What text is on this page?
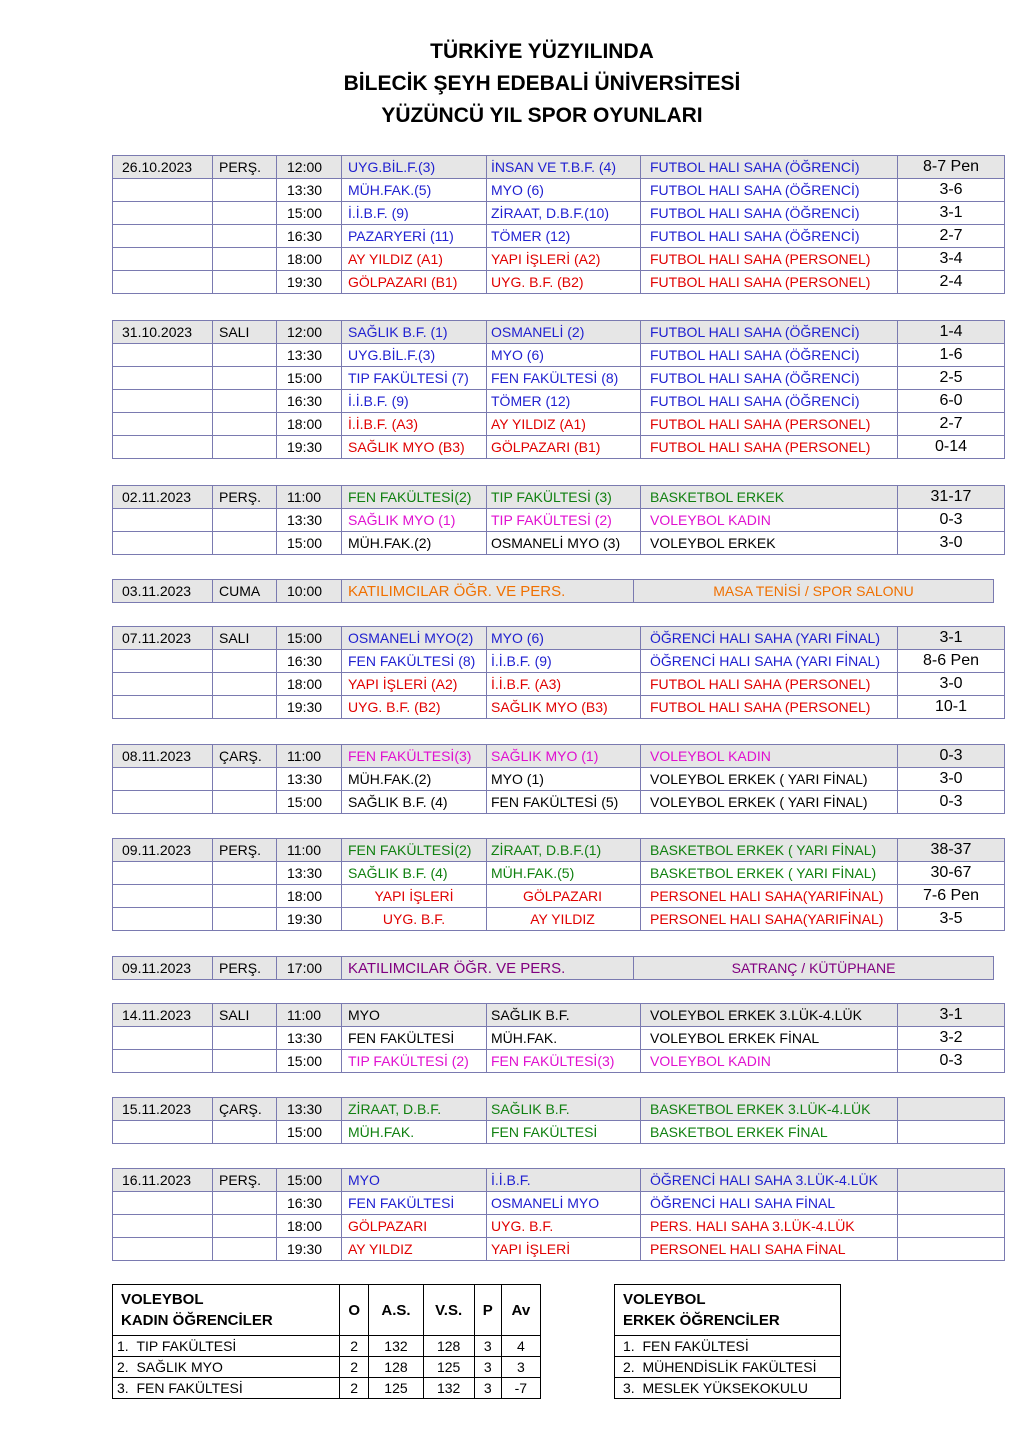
TÜRKİYE YÜZYILINDA
BİLECİK ŞEYH EDEBALİ ÜNİVERSİTESİ
YÜZÜNCÜ YIL SPOR OYUNLARI
26.10.2023	PERŞ.	12:00	UYG.BİL.F.(3)	İNSAN VE T.B.F. (4)	FUTBOL HALI SAHA (ÖĞRENCİ)	8-7 Pen
		13:30	MÜH.FAK.(5)	MYO (6)	FUTBOL HALI SAHA (ÖĞRENCİ)	3-6
		15:00	İ.İ.B.F. (9)	ZİRAAT, D.B.F.(10)	FUTBOL HALI SAHA (ÖĞRENCİ)	3-1
		16:30	PAZARYERİ (11)	TÖMER (12)	FUTBOL HALI SAHA (ÖĞRENCİ)	2-7
		18:00	AY YILDIZ (A1)	YAPI İŞLERİ (A2)	FUTBOL HALI SAHA (PERSONEL)	3-4
		19:30	GÖLPAZARI (B1)	UYG. B.F. (B2)	FUTBOL HALI SAHA (PERSONEL)	2-4
31.10.2023	SALI	12:00	SAĞLIK B.F. (1)	OSMANELİ (2)	FUTBOL HALI SAHA (ÖĞRENCİ)	1-4
		13:30	UYG.BİL.F.(3)	MYO (6)	FUTBOL HALI SAHA (ÖĞRENCİ)	1-6
		15:00	TIP FAKÜLTESİ (7)	FEN FAKÜLTESİ (8)	FUTBOL HALI SAHA (ÖĞRENCİ)	2-5
		16:30	İ.İ.B.F. (9)	TÖMER (12)	FUTBOL HALI SAHA (ÖĞRENCİ)	6-0
		18:00	İ.İ.B.F. (A3)	AY YILDIZ (A1)	FUTBOL HALI SAHA (PERSONEL)	2-7
		19:30	SAĞLIK MYO (B3)	GÖLPAZARI (B1)	FUTBOL HALI SAHA (PERSONEL)	0-14
02.11.2023	PERŞ.	11:00	FEN FAKÜLTESİ(2)	TIP FAKÜLTESİ (3)	BASKETBOL ERKEK	31-17
		13:30	SAĞLIK MYO (1)	TIP FAKÜLTESİ (2)	VOLEYBOL KADIN	0-3
		15:00	MÜH.FAK.(2)	OSMANELİ MYO (3)	VOLEYBOL ERKEK	3-0
03.11.2023	CUMA	10:00	KATILIMCILAR ÖĞR. VE PERS.	MASA TENİSİ / SPOR SALONU
07.11.2023	SALI	15:00	OSMANELİ MYO(2)	MYO (6)	ÖĞRENCİ HALI SAHA (YARI FİNAL)	3-1
		16:30	FEN FAKÜLTESİ (8)	İ.İ.B.F. (9)	ÖĞRENCİ HALI SAHA (YARI FİNAL)	8-6 Pen
		18:00	YAPI İŞLERİ (A2)	İ.İ.B.F. (A3)	FUTBOL HALI SAHA (PERSONEL)	3-0
		19:30	UYG. B.F. (B2)	SAĞLIK MYO (B3)	FUTBOL HALI SAHA (PERSONEL)	10-1
08.11.2023	ÇARŞ.	11:00	FEN FAKÜLTESİ(3)	SAĞLIK MYO (1)	VOLEYBOL KADIN	0-3
		13:30	MÜH.FAK.(2)	MYO (1)	VOLEYBOL ERKEK ( YARI FİNAL)	3-0
		15:00	SAĞLIK B.F. (4)	FEN FAKÜLTESİ (5)	VOLEYBOL ERKEK ( YARI FİNAL)	0-3
09.11.2023	PERŞ.	11:00	FEN FAKÜLTESİ(2)	ZİRAAT, D.B.F.(1)	BASKETBOL ERKEK ( YARI FİNAL)	38-37
		13:30	SAĞLIK B.F. (4)	MÜH.FAK.(5)	BASKETBOL ERKEK ( YARI FİNAL)	30-67
		18:00	YAPI İŞLERİ	GÖLPAZARI	PERSONEL HALI SAHA(YARIFİNAL)	7-6 Pen
		19:30	UYG. B.F.	AY YILDIZ	PERSONEL HALI SAHA(YARIFİNAL)	3-5
09.11.2023	PERŞ.	17:00	KATILIMCILAR ÖĞR. VE PERS.	SATRANÇ / KÜTÜPHANE
14.11.2023	SALI	11:00	MYO	SAĞLIK B.F.	VOLEYBOL ERKEK 3.LÜK-4.LÜK	3-1
		13:30	FEN FAKÜLTESİ	MÜH.FAK.	VOLEYBOL ERKEK FİNAL	3-2
		15:00	TIP FAKÜLTESİ (2)	FEN FAKÜLTESİ(3)	VOLEYBOL KADIN	0-3
15.11.2023	ÇARŞ.	13:30	ZİRAAT, D.B.F.	SAĞLIK B.F.	BASKETBOL ERKEK 3.LÜK-4.LÜK	
		15:00	MÜH.FAK.	FEN FAKÜLTESİ	BASKETBOL ERKEK FİNAL	
16.11.2023	PERŞ.	15:00	MYO	İ.İ.B.F.	ÖĞRENCİ HALI SAHA 3.LÜK-4.LÜK	
		16:30	FEN FAKÜLTESİ	OSMANELİ MYO	ÖĞRENCİ HALI SAHA FİNAL	
		18:00	GÖLPAZARI	UYG. B.F.	PERS. HALI SAHA 3.LÜK-4.LÜK	
		19:30	AY YILDIZ	YAPI İŞLERİ	PERSONEL HALI SAHA FİNAL	
VOLEYBOL
KADIN ÖĞRENCİLER	O	A.S.	V.S.	P	Av
1. TIP FAKÜLTESİ	2	132	128	3	4
2. SAĞLIK MYO	2	128	125	3	3
3. FEN FAKÜLTESİ	2	125	132	3	-7
VOLEYBOL
ERKEK ÖĞRENCİLER

1. FEN FAKÜLTESİ
2. MÜHENDİSLİK FAKÜLTESİ
3. MESLEK YÜKSEKOKULU
